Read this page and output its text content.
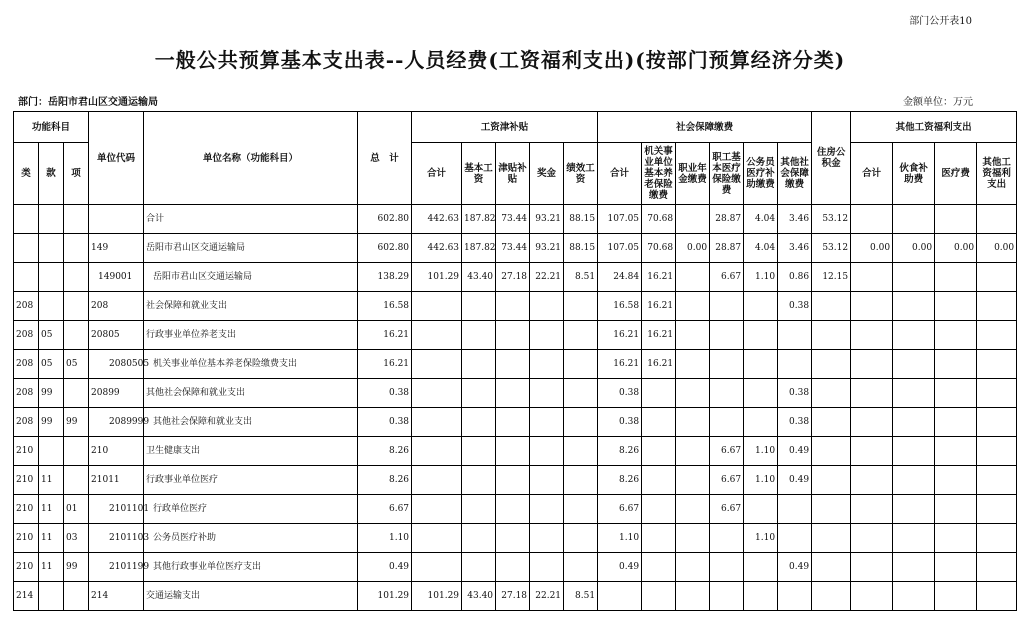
部门公开表10
一般公共预算基本支出表--人员经费(工资福利支出)(按部门预算经济分类)
部门：岳阳市君山区交通运输局	金额单位：万元
功能科目			单位代码	单位名称（功能科目）	总　计	工资津补贴					社会保障缴费						住房公积金	其他工资福利支出			
类	款	项				合计	基本工资	津贴补贴	奖金	绩效工资	合计	机关事业单位基本养老保险缴费	职业年金缴费	职工基本医疗保险缴费	公务员医疗补助缴费	其他社会保障缴费		合计	伙食补助费	医疗费	其他工资福利支出
				合计	602.80	442.63	187.82	73.44	93.21	88.15	107.05	70.68		28.87	4.04	3.46	53.12				
			149	岳阳市君山区交通运输局	602.80	442.63	187.82	73.44	93.21	88.15	107.05	70.68	0.00	28.87	4.04	3.46	53.12	0.00	0.00	0.00	0.00
			149001	岳阳市君山区交通运输局	138.29	101.29	43.40	27.18	22.21	8.51	24.84	16.21		6.67	1.10	0.86	12.15				
208			208	社会保障和就业支出	16.58						16.58	16.21				0.38					
208	05		20805	行政事业单位养老支出	16.21						16.21	16.21									
208	05	05	2080505	机关事业单位基本养老保险缴费支出	16.21						16.21	16.21									
208	99		20899	其他社会保障和就业支出	0.38						0.38					0.38					
208	99	99	2089999	其他社会保障和就业支出	0.38						0.38					0.38					
210			210	卫生健康支出	8.26						8.26			6.67	1.10	0.49					
210	11		21011	行政事业单位医疗	8.26						8.26			6.67	1.10	0.49					
210	11	01	2101101	行政单位医疗	6.67						6.67			6.67							
210	11	03	2101103	公务员医疗补助	1.10						1.10				1.10						
210	11	99	2101199	其他行政事业单位医疗支出	0.49						0.49					0.49					
214			214	交通运输支出	101.29	101.29	43.40	27.18	22.21	8.51											
